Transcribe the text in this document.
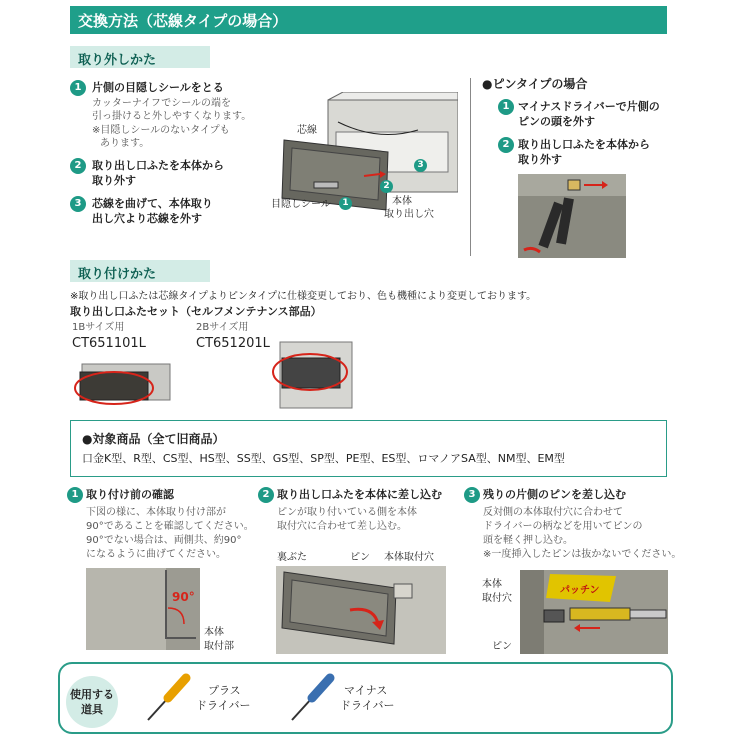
交換方法（芯線タイプの場合）
取り外しかた
1 片側の目隠しシールをとる
カッターナイフでシールの端を
引っ掛けると外しやすくなります。
※目隠しシールのないタイプも
あります。
2 取り出し口ふたを本体から
取り外す
3 芯線を曲げて、本体取り
出し穴より芯線を外す
芯線
目隠しシール	本体
取り出し穴
1
2
3
●ピンタイプの場合
1 マイナスドライバーで片側の
ピンの頭を外す
2 取り出し口ふたを本体から
取り外す
取り付けかた
※取り出し口ふたは芯線タイプよりピンタイプに仕様変更しており、色も機種により変更しております。
取り出し口ふたセット（セルフメンテナンス部品）
1Bサイズ用
CT651101L
2Bサイズ用
CT651201L
●対象商品（全て旧商品）
口金K型、R型、CS型、HS型、SS型、GS型、SP型、PE型、ES型、ロマノアSA型、NM型、EM型
1 取り付け前の確認
下図の様に、本体取り付け部が
90°であることを確認してください。
90°でない場合は、両側共、約90°
になるように曲げてください。
90°
本体
取付部
2 取り出し口ふたを本体に差し込む
ピンが取り付いている側を本体
取付穴に合わせて差し込む。
裏ぶた	ピン 本体取付穴
3 残りの片側のピンを差し込む
反対側の本体取付穴に合わせて
ドライバーの柄などを用いてピンの
頭を軽く押し込む。
※一度挿入したピンは抜かないでください。
パッチン
本体
取付穴
ピン
使用する
道具
プラス
ドライバー
マイナス
ドライバー
